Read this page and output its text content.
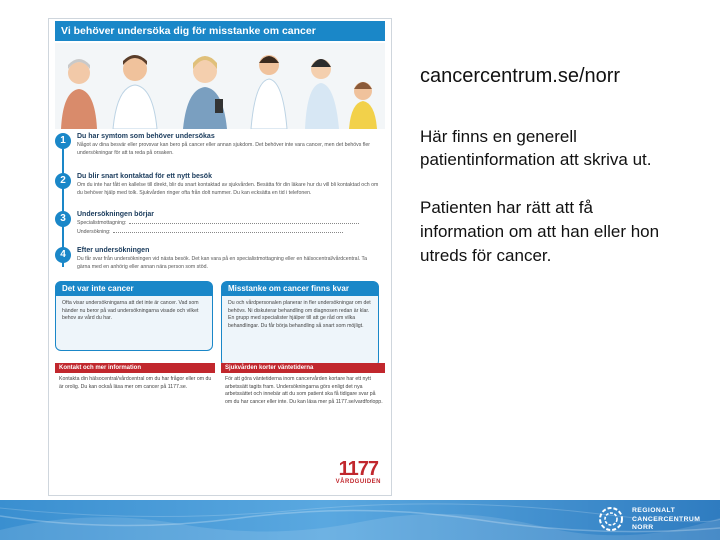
Vi behöver undersöka dig för misstanke om cancer
1	Du har symtom som behöver undersökas
Något av dina besvär eller provsvar kan bero på cancer eller annan sjukdom. Det behöver inte vara cancer, men det behövs fler undersökningar för att ta reda på orsaken.
2	Du blir snart kontaktad för ett nytt besök
Om du inte har fått en kallelse till direkt, blir du snart kontaktad av sjukvården. Besätta för din läkare hur du vill bli kontaktad och om du behöver hjälp med tolk. Sjukvården ringer ofta från dolt nummer. Du kan ecksätta en tid i telefonen.
3	Undersökningen börjar
Specialistmottagning:
Undersökning:
4	Efter undersökningen
Du får svar från undersökningen vid nästa besök. Det kan vara på en specialistmottagning eller en hälsocentral/vårdcentral. Ta gärna med en anhörig eller annan nära person som stöd.
Det var inte cancer
Ofta visar undersökningarna att det inte är cancer. Vad som händer nu beror på vad undersökningarna visade och vilket behov av vård du har.
Misstanke om cancer finns kvar
Du och vårdpersonalen planerar in fler undersökningar om det behövs. Ni diskuterar behandling om diagnosen redan är klar. En grupp med specialister hjälper till att ge råd om vilka behandlingar. Du får börja behandling så snart som möjligt.
Kontakt och mer information
Kontakta din hälsocentral/vårdcentral om du har frågor eller om du är orolig. Du kan också läsa mer om cancer på 1177.se.
Sjukvården korter väntetiderna
För att göra väntetiderna inom cancervården kortare har ett nytt arbetssätt tagits fram. Undersökningarna görs enligt det nya arbetssättet och innebär att du som patient ska få tidigare svar på om du har cancer eller inte. Du kan läsa mer på 1177.se/vardforlopp.
1177
VÅRDGUIDEN
cancercentrum.se/norr
Här finns en generell
patientinformation att skriva ut.
Patienten har rätt att få
information om att han eller hon
utreds för cancer.
REGIONALT
CANCERCENTRUM
NORR
